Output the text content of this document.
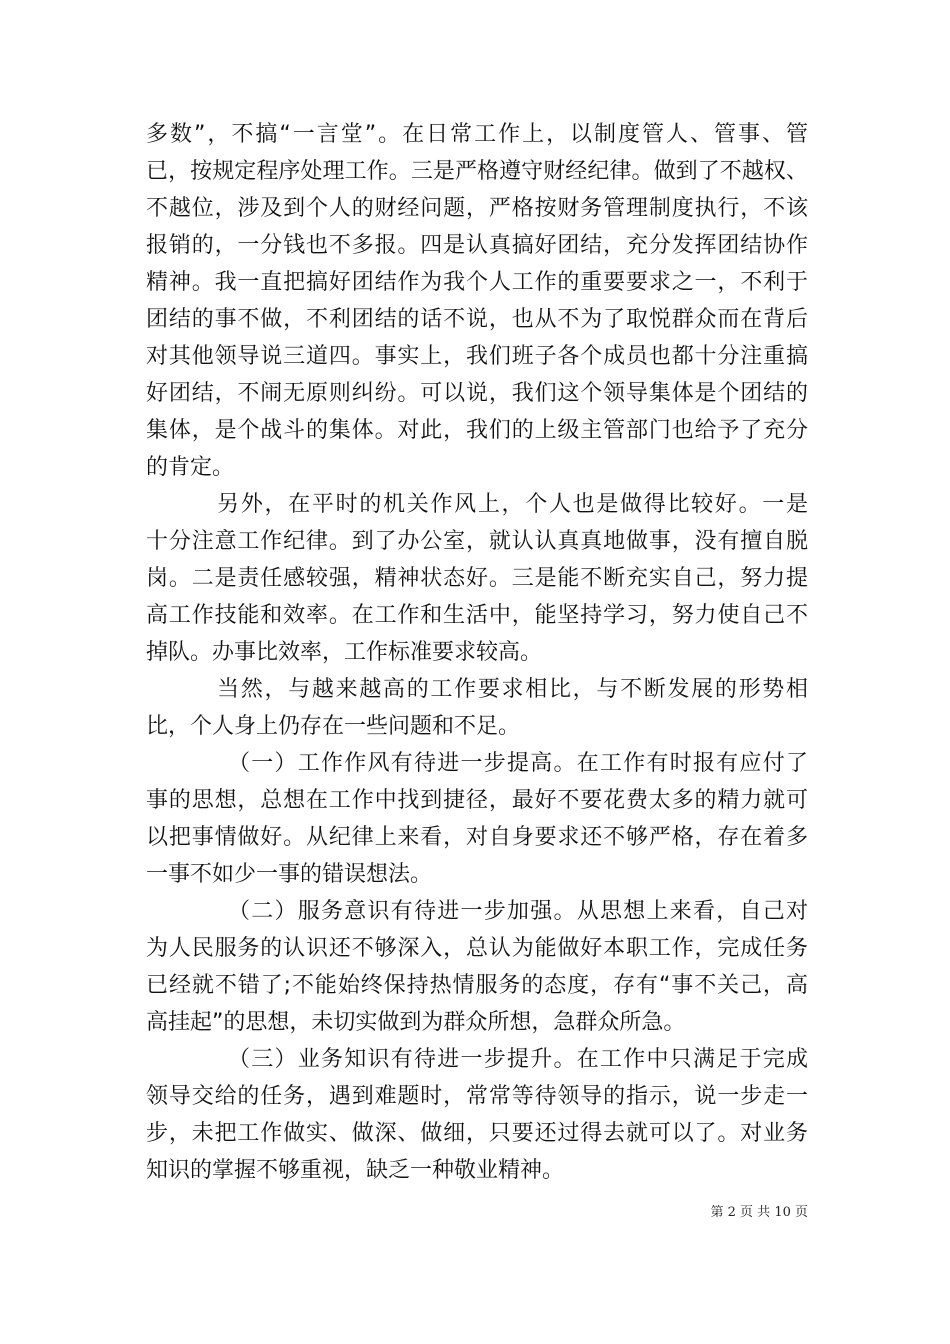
多数”，不搞“一言堂”。在日常工作上，以制度管人、管事、管
已，按规定程序处理工作。三是严格遵守财经纪律。做到了不越权、
不越位，涉及到个人的财经问题，严格按财务管理制度执行，不该
报销的，一分钱也不多报。四是认真搞好团结，充分发挥团结协作
精神。我一直把搞好团结作为我个人工作的重要要求之一，不利于
团结的事不做，不利团结的话不说，也从不为了取悦群众而在背后
对其他领导说三道四。事实上，我们班子各个成员也都十分注重搞
好团结，不闹无原则纠纷。可以说，我们这个领导集体是个团结的
集体，是个战斗的集体。对此，我们的上级主管部门也给予了充分
的肯定。
　　　另外，在平时的机关作风上，个人也是做得比较好。一是
十分注意工作纪律。到了办公室，就认认真真地做事，没有擅自脱
岗。二是责任感较强，精神状态好。三是能不断充实自己，努力提
高工作技能和效率。在工作和生活中，能坚持学习，努力使自己不
掉队。办事比效率，工作标准要求较高。
　　　当然，与越来越高的工作要求相比，与不断发展的形势相
比，个人身上仍存在一些问题和不足。
　　　　（一）工作作风有待进一步提高。在工作有时报有应付了
事的思想，总想在工作中找到捷径，最好不要花费太多的精力就可
以把事情做好。从纪律上来看，对自身要求还不够严格，存在着多
一事不如少一事的错误想法。
　　　　（二）服务意识有待进一步加强。从思想上来看，自己对
为人民服务的认识还不够深入，总认为能做好本职工作，完成任务
已经就不错了;不能始终保持热情服务的态度，存有“事不关己，高
高挂起”的思想，未切实做到为群众所想，急群众所急。
　　　　（三）业务知识有待进一步提升。在工作中只满足于完成
领导交给的任务，遇到难题时，常常等待领导的指示，说一步走一
步，未把工作做实、做深、做细，只要还过得去就可以了。对业务
知识的掌握不够重视，缺乏一种敬业精神。
第 2 页 共 10 页
